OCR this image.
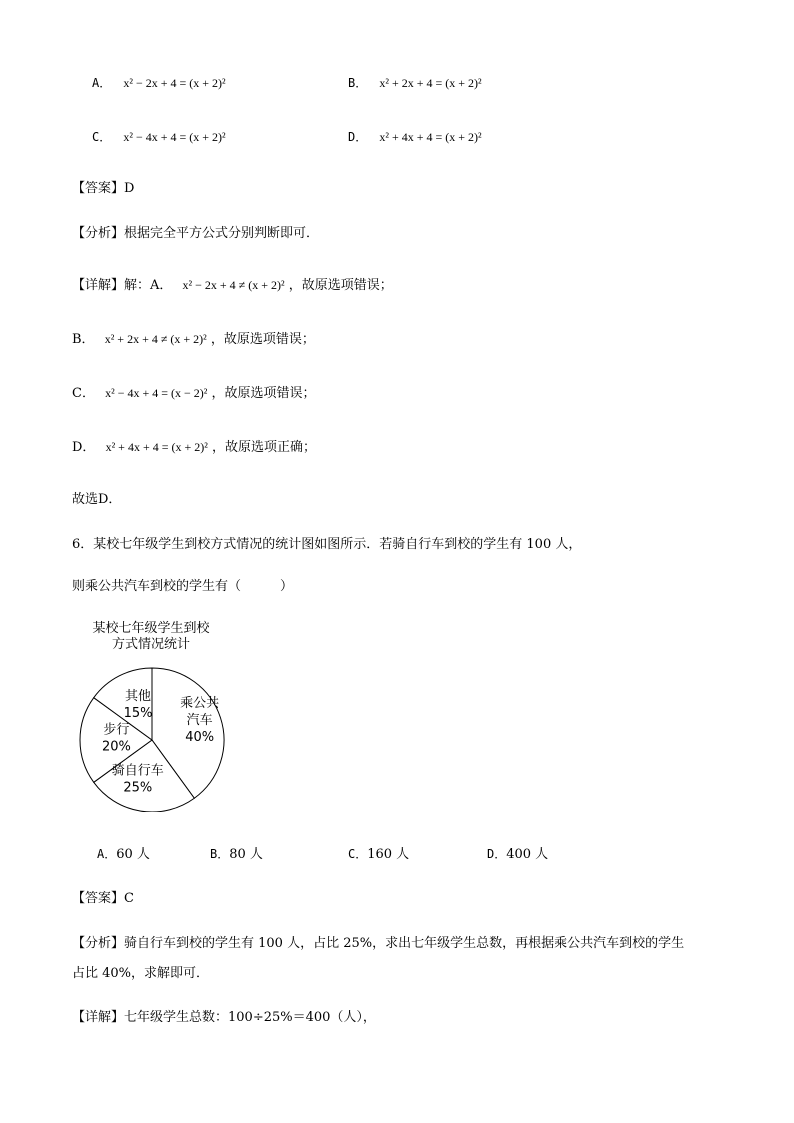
A． x² − 2x + 4 = (x + 2)²	B． x² + 2x + 4 = (x + 2)²
C． x² − 4x + 4 = (x + 2)²	D． x² + 4x + 4 = (x + 2)²
【答案】D
【分析】根据完全平方公式分别判断即可．
【详解】解：A． x² − 2x + 4 ≠ (x + 2)² ，故原选项错误；
B． x² + 2x + 4 ≠ (x + 2)² ，故原选项错误；
C． x² − 4x + 4 = (x − 2)² ，故原选项错误；
D． x² + 4x + 4 = (x + 2)² ，故原选项正确；
故选D．
6．某校七年级学生到校方式情况的统计图如图所示．若骑自行车到校的学生有 100 人，
则乘公共汽车到校的学生有（　　　）
某校七年级学生到校
方式情况统计
乘公共
汽车
40%
骑自行车
25%
步行
20%
其他
15%
A．60 人	B．80 人	C．160 人	D．400 人
【答案】C
【分析】骑自行车到校的学生有 100 人，占比 25%，求出七年级学生总数，再根据乘公共汽车到校的学生
占比 40%，求解即可．
【详解】七年级学生总数：100÷25%＝400（人），
